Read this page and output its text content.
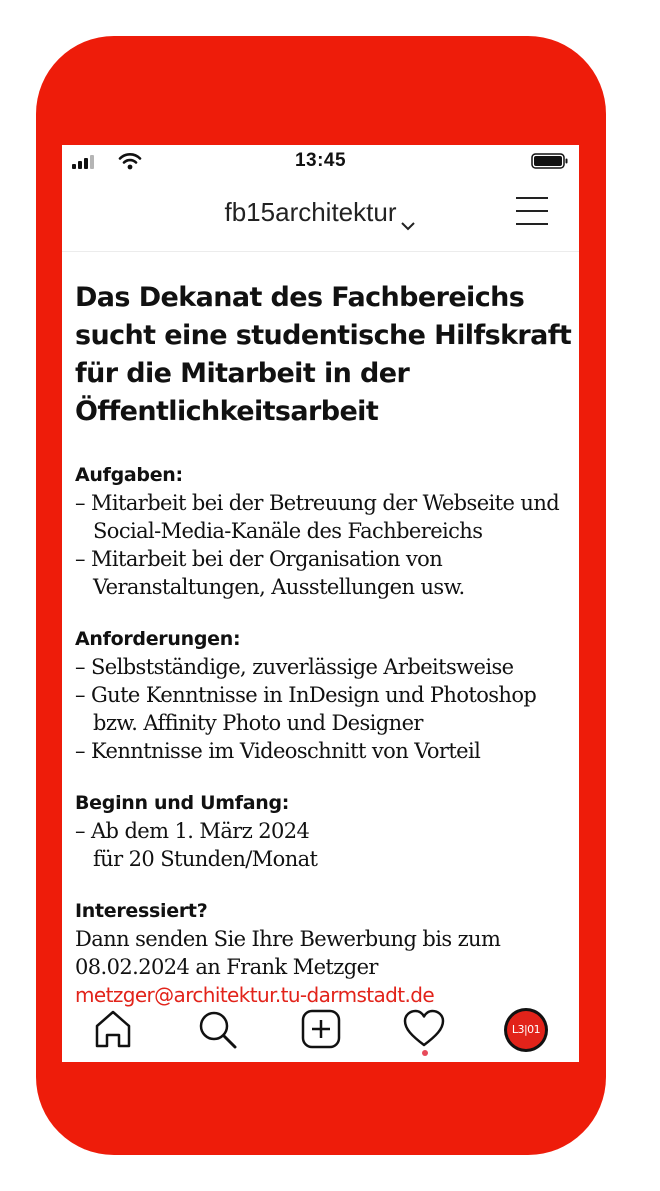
13:45
fb15architektur
Das Dekanat des Fachbereichs
sucht eine studentische Hilfskraft
für die Mitarbeit in der
Öffentlichkeitsarbeit
Aufgaben:
– Mitarbeit bei der Betreuung der Webseite und
Social-Media-Kanäle des Fachbereichs
– Mitarbeit bei der Organisation von
Veranstaltungen, Ausstellungen usw.
Anforderungen:
– Selbstständige, zuverlässige Arbeitsweise
– Gute Kenntnisse in InDesign und Photoshop
bzw. Affinity Photo und Designer
– Kenntnisse im Videoschnitt von Vorteil
Beginn und Umfang:
– Ab dem 1. März 2024
für 20 Stunden/Monat
Interessiert?
Dann senden Sie Ihre Bewerbung bis zum
08.02.2024 an Frank Metzger
metzger@architektur.tu-darmstadt.de
L3|01
